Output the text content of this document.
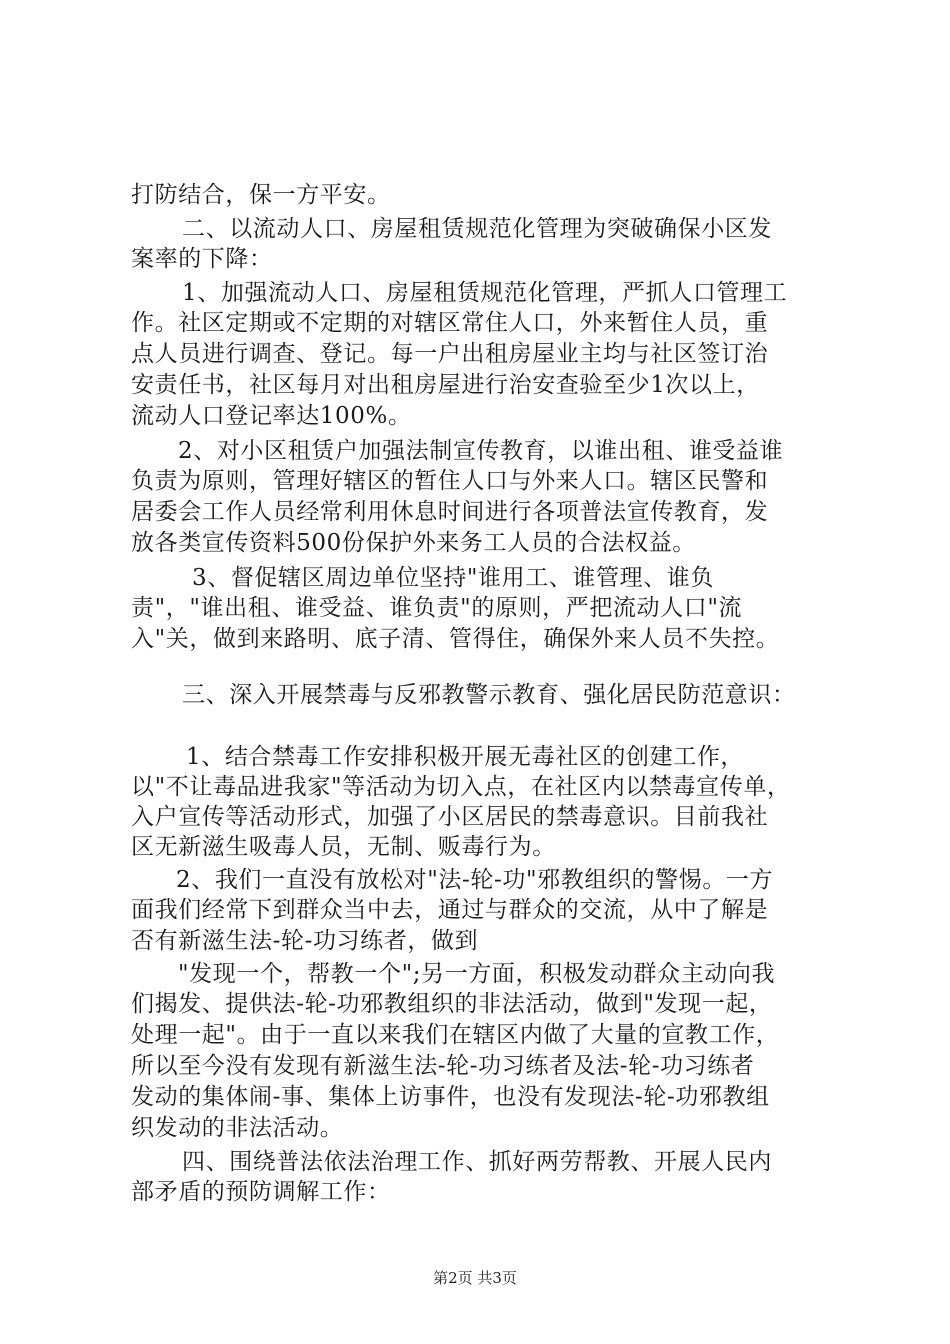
打防结合，保一方平安。
二、以流动人口、房屋租赁规范化管理为突破确保小区发
案率的下降：
1、加强流动人口、房屋租赁规范化管理，严抓人口管理工
作。社区定期或不定期的对辖区常住人口，外来暂住人员，重
点人员进行调查、登记。每一户出租房屋业主均与社区签订治
安责任书，社区每月对出租房屋进行治安查验至少1次以上，
流动人口登记率达100%。
2、对小区租赁户加强法制宣传教育，以谁出租、谁受益谁
负责为原则，管理好辖区的暂住人口与外来人口。辖区民警和
居委会工作人员经常利用休息时间进行各项普法宣传教育，发
放各类宣传资料500份保护外来务工人员的合法权益。
3、督促辖区周边单位坚持"谁用工、谁管理、谁负
责"，"谁出租、谁受益、谁负责"的原则，严把流动人口"流
入"关，做到来路明、底子清、管得住，确保外来人员不失控。
三、深入开展禁毒与反邪教警示教育、强化居民防范意识：
1、结合禁毒工作安排积极开展无毒社区的创建工作，
以"不让毒品进我家"等活动为切入点，在社区内以禁毒宣传单，
入户宣传等活动形式，加强了小区居民的禁毒意识。目前我社
区无新滋生吸毒人员，无制、贩毒行为。
2、我们一直没有放松对"法-轮-功"邪教组织的警惕。一方
面我们经常下到群众当中去，通过与群众的交流，从中了解是
否有新滋生法-轮-功习练者，做到
"发现一个，帮教一个";另一方面，积极发动群众主动向我
们揭发、提供法-轮-功邪教组织的非法活动，做到"发现一起，
处理一起"。由于一直以来我们在辖区内做了大量的宣教工作，
所以至今没有发现有新滋生法-轮-功习练者及法-轮-功习练者
发动的集体闹-事、集体上访事件，也没有发现法-轮-功邪教组
织发动的非法活动。
四、围绕普法依法治理工作、抓好两劳帮教、开展人民内
部矛盾的预防调解工作：
第2页 共3页
